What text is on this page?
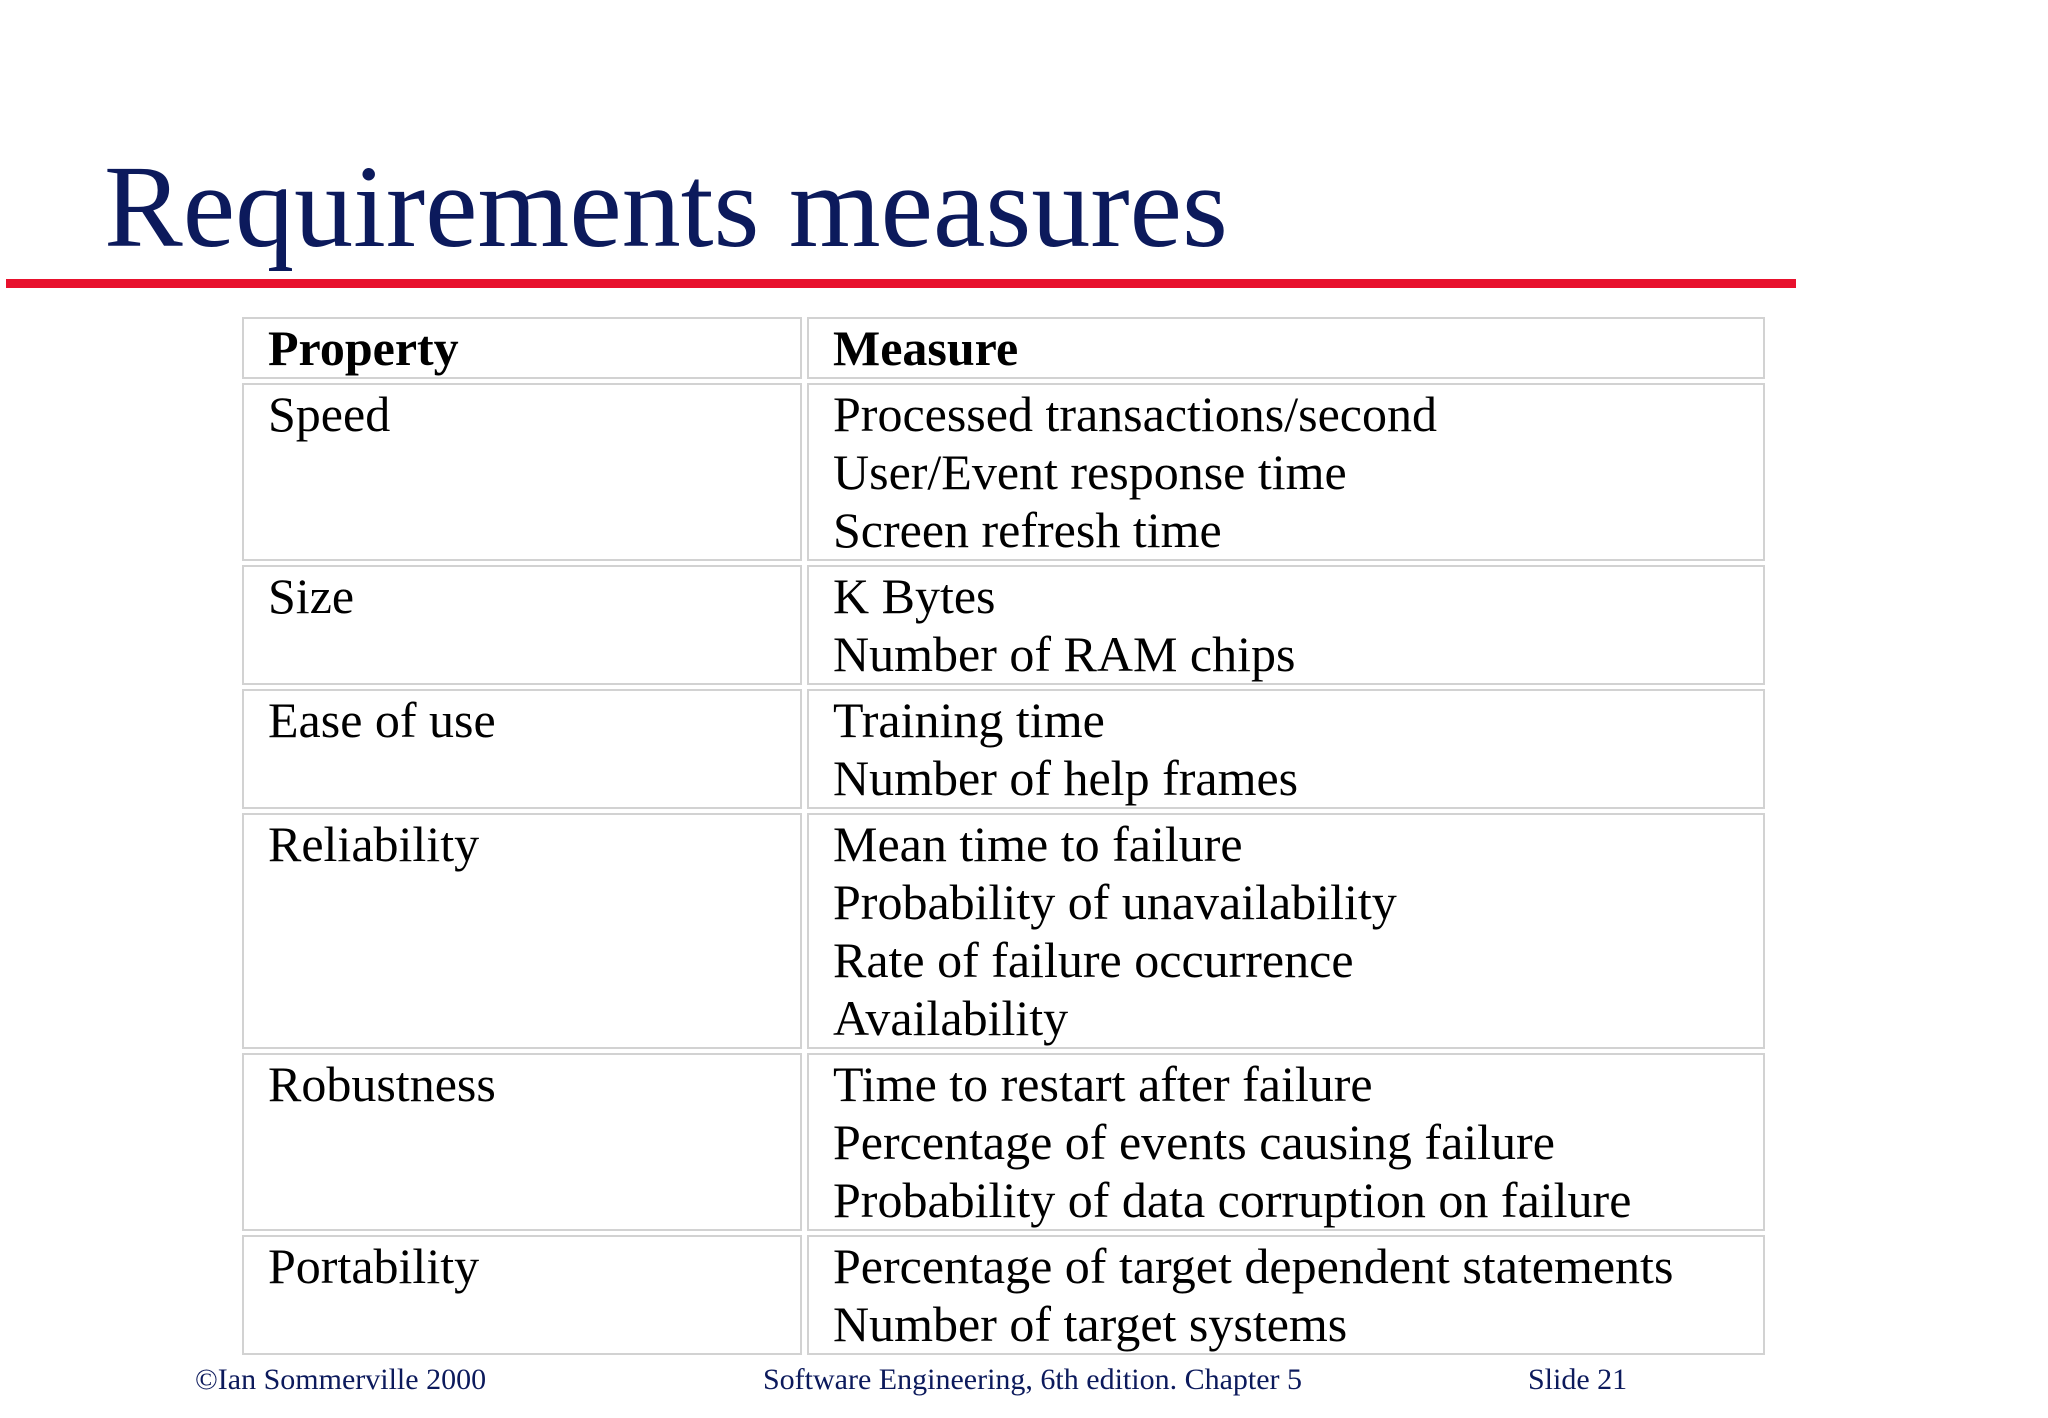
Requirements measures
Property	Measure

Speed	Processed transactions/second
User/Event response time
Screen refresh time

Size	K Bytes
Number of RAM chips

Ease of use	Training time
Number of help frames

Reliability	Mean time to failure
Probability of unavailability
Rate of failure occurrence
Availability

Robustness	Time to restart after failure
Percentage of events causing failure
Probability of data corruption on failure

Portability	Percentage of target dependent statements
Number of target systems
©Ian Sommerville 2000	Software Engineering, 6th edition. Chapter 5	Slide 21
